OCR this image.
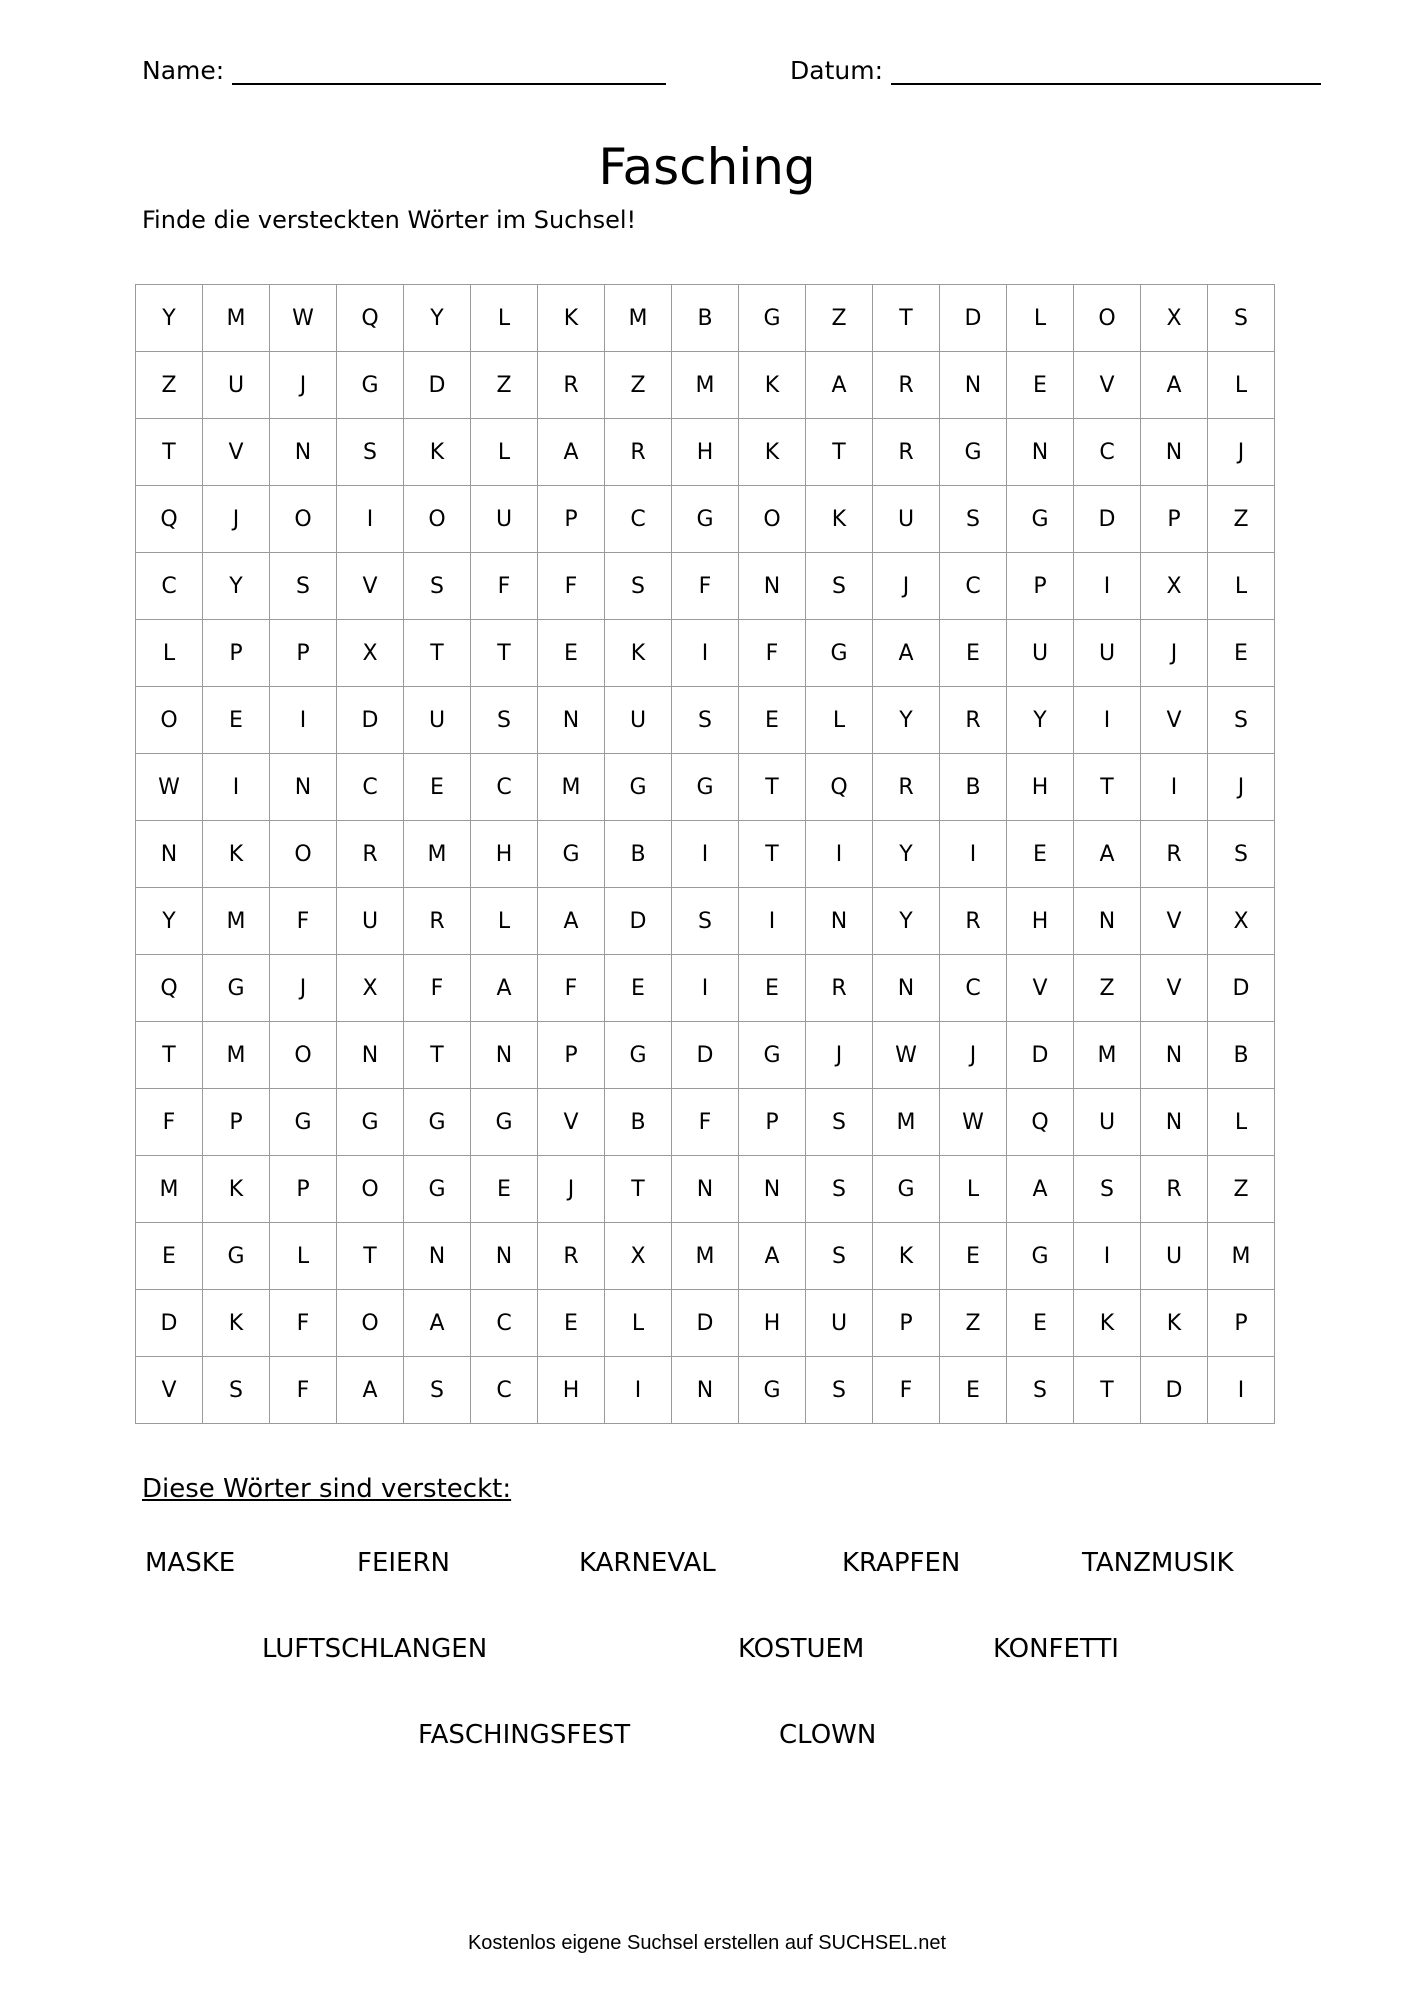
Name:	Datum:
Fasching
Finde die versteckten Wörter im Suchsel!
Y	M	W	Q	Y	L	K	M	B	G	Z	T	D	L	O	X	S
Z	U	J	G	D	Z	R	Z	M	K	A	R	N	E	V	A	L
T	V	N	S	K	L	A	R	H	K	T	R	G	N	C	N	J
Q	J	O	I	O	U	P	C	G	O	K	U	S	G	D	P	Z
C	Y	S	V	S	F	F	S	F	N	S	J	C	P	I	X	L
L	P	P	X	T	T	E	K	I	F	G	A	E	U	U	J	E
O	E	I	D	U	S	N	U	S	E	L	Y	R	Y	I	V	S
W	I	N	C	E	C	M	G	G	T	Q	R	B	H	T	I	J
N	K	O	R	M	H	G	B	I	T	I	Y	I	E	A	R	S
Y	M	F	U	R	L	A	D	S	I	N	Y	R	H	N	V	X
Q	G	J	X	F	A	F	E	I	E	R	N	C	V	Z	V	D
T	M	O	N	T	N	P	G	D	G	J	W	J	D	M	N	B
F	P	G	G	G	G	V	B	F	P	S	M	W	Q	U	N	L
M	K	P	O	G	E	J	T	N	N	S	G	L	A	S	R	Z
E	G	L	T	N	N	R	X	M	A	S	K	E	G	I	U	M
D	K	F	O	A	C	E	L	D	H	U	P	Z	E	K	K	P
V	S	F	A	S	C	H	I	N	G	S	F	E	S	T	D	I
Diese Wörter sind versteckt:
MASKE	FEIERN	KARNEVAL	KRAPFEN	TANZMUSIK
LUFTSCHLANGEN	KOSTUEM	KONFETTI
FASCHINGSFEST	CLOWN
Kostenlos eigene Suchsel erstellen auf SUCHSEL.net
